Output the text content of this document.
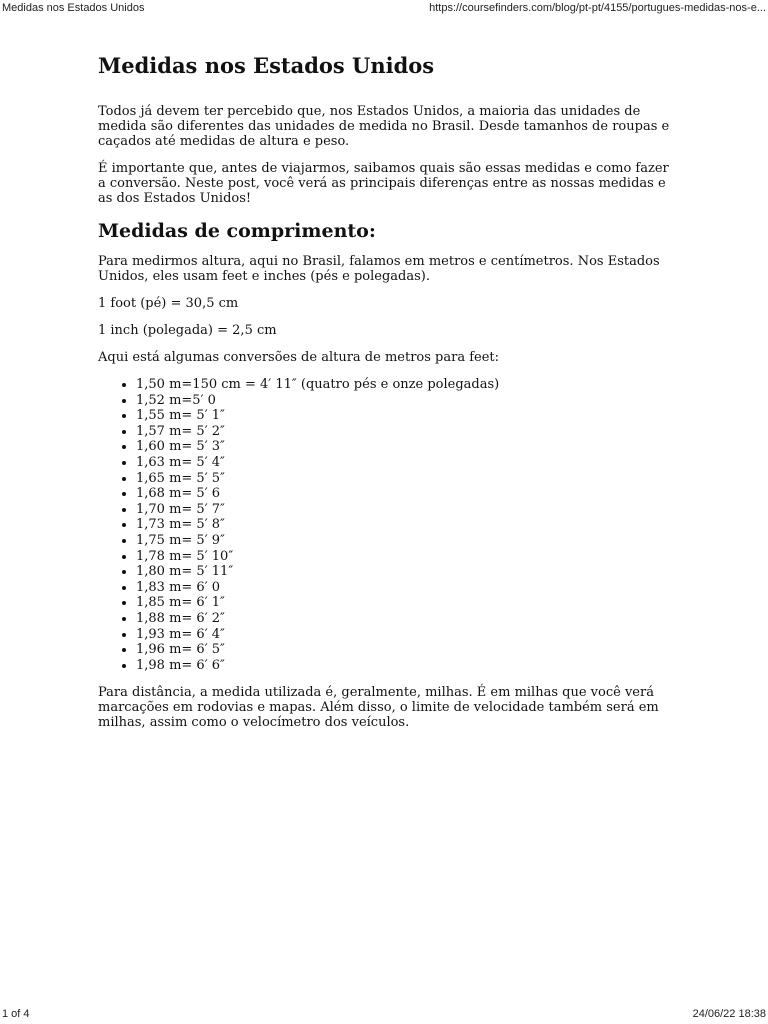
Medidas nos Estados Unidos	https://coursefinders.com/blog/pt-pt/4155/portugues-medidas-nos-e...
Medidas nos Estados Unidos

Todos já devem ter percebido que, nos Estados Unidos, a maioria das unidades de medida são diferentes das unidades de medida no Brasil. Desde tamanhos de roupas e caçados até medidas de altura e peso.

É importante que, antes de viajarmos, saibamos quais são essas medidas e como fazer a conversão. Neste post, você verá as principais diferenças entre as nossas medidas e as dos Estados Unidos!

Medidas de comprimento:

Para medirmos altura, aqui no Brasil, falamos em metros e centímetros. Nos Estados Unidos, eles usam feet e inches (pés e polegadas).

1 foot (pé) = 30,5 cm

1 inch (polegada) = 2,5 cm

Aqui está algumas conversões de altura de metros para feet:

• 1,50 m=150 cm = 4′ 11″ (quatro pés e onze polegadas)
• 1,52 m=5′ 0
• 1,55 m= 5′ 1″
• 1,57 m= 5′ 2″
• 1,60 m= 5′ 3″
• 1,63 m= 5′ 4″
• 1,65 m= 5′ 5″
• 1,68 m= 5′ 6
• 1,70 m= 5′ 7″
• 1,73 m= 5′ 8″
• 1,75 m= 5′ 9″
• 1,78 m= 5′ 10″
• 1,80 m= 5′ 11″
• 1,83 m= 6′ 0
• 1,85 m= 6′ 1″
• 1,88 m= 6′ 2″
• 1,93 m= 6′ 4″
• 1,96 m= 6′ 5″
• 1,98 m= 6′ 6″

Para distância, a medida utilizada é, geralmente, milhas. É em milhas que você verá marcações em rodovias e mapas. Além disso, o limite de velocidade também será em milhas, assim como o velocímetro dos veículos.

1 of 4	24/06/22 18:38
